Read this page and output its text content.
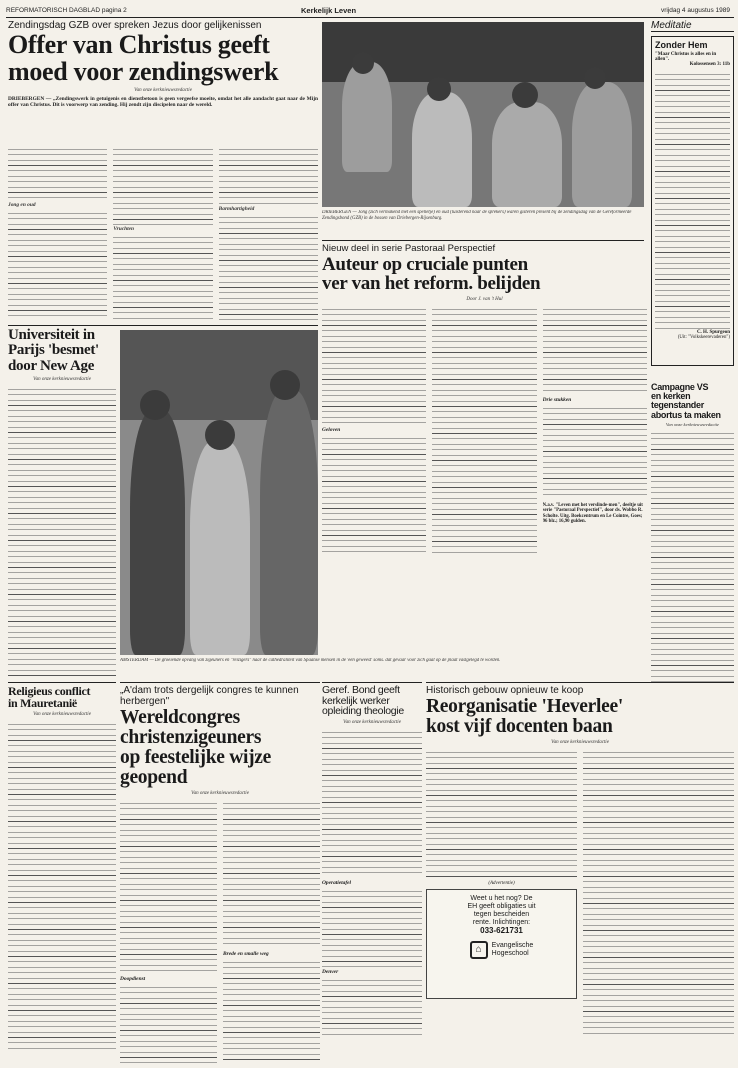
REFORMATORISCH DAGBLAD pagina 2	Kerkelijk Leven	vrijdag 4 augustus 1989
Zendingsdag GZB over spreken Jezus door gelijkenissen
Offer van Christus geeft
moed voor zendingswerk
Van onze kerknieuwsredactie
DRIEBERGEN — „Zendingswerk in getuigenis en dienstbetoon is geen vergeefse moeite, omdat het alle aandacht gaat naar de Mijn offer van Christus. Dit is voorwerp van zending. Hij zendt zijn discipelen naar de wereld.
Jong en oud
Vruchten
Barmhartigheid
DRIEBERGEN — Jong (zich vermakend met een spelletje) en oud (luisterend naar de sprekers) waren gisteren present bij de zendingsdag van de Gereformeerde Zendingsbond (GZB) in de bossen van Driebergen-Rijsenburg.
Meditatie
Zonder Hem
"Maar Christus is alles en in allen".
Kolossensen 3: 11b
C. H. Spurgeon
(Uit: "Volkskeerevaderen")
Nieuw deel in serie Pastoraal Perspectief
Auteur op cruciale punten
ver van het reform. belijden
Door J. van 't Hul
Geloven
Drie stukken
N.a.v. "Leven met het verslinde-men", deeltje uit serie "Pastoraal Perspectief", door ds. Wobbo R. Scholte. Uitg. Boekcentrum en Le Cointre, Goes; 96 blz.; 16,90 gulden.
Universiteit in
Parijs 'besmet'
door New Age
Van onze kerknieuwsredactie
AMSTERDAM — De groeiende opvang van zigeuners en "reizigers" naar de cathedraliteit van Spaanse mensen in de 'een geweest' soms. dat gevaar voor zich gaat op de plaat vastgelegd te worden.
Campagne VS
en kerken tegenstander
abortus ta maken
Van onze kerknieuwsredactie
Religieus conflict
in Mauretanië
Van onze kerknieuwsredactie
„A'dam trots dergelijk congres te kunnen herbergen"
Wereldcongres christenzigeuners
op feestelijke wijze geopend
Van onze kerknieuwsredactie
Doopdienst
Brede en smalle weg
Geref. Bond geeft
kerkelijk werker
opleiding theologie
Van onze kerknieuwsredactie
Operatietafel
Denver
Historisch gebouw opnieuw te koop
Reorganisatie 'Heverlee'
kost vijf docenten baan
Van onze kerknieuwsredactie
(Advertentie)
Weet u het nog? De
EH geeft obligaties uit
tegen bescheiden
rente. Inlichtingen:
033-621731
⌂	Evangelische
Hogeschool
